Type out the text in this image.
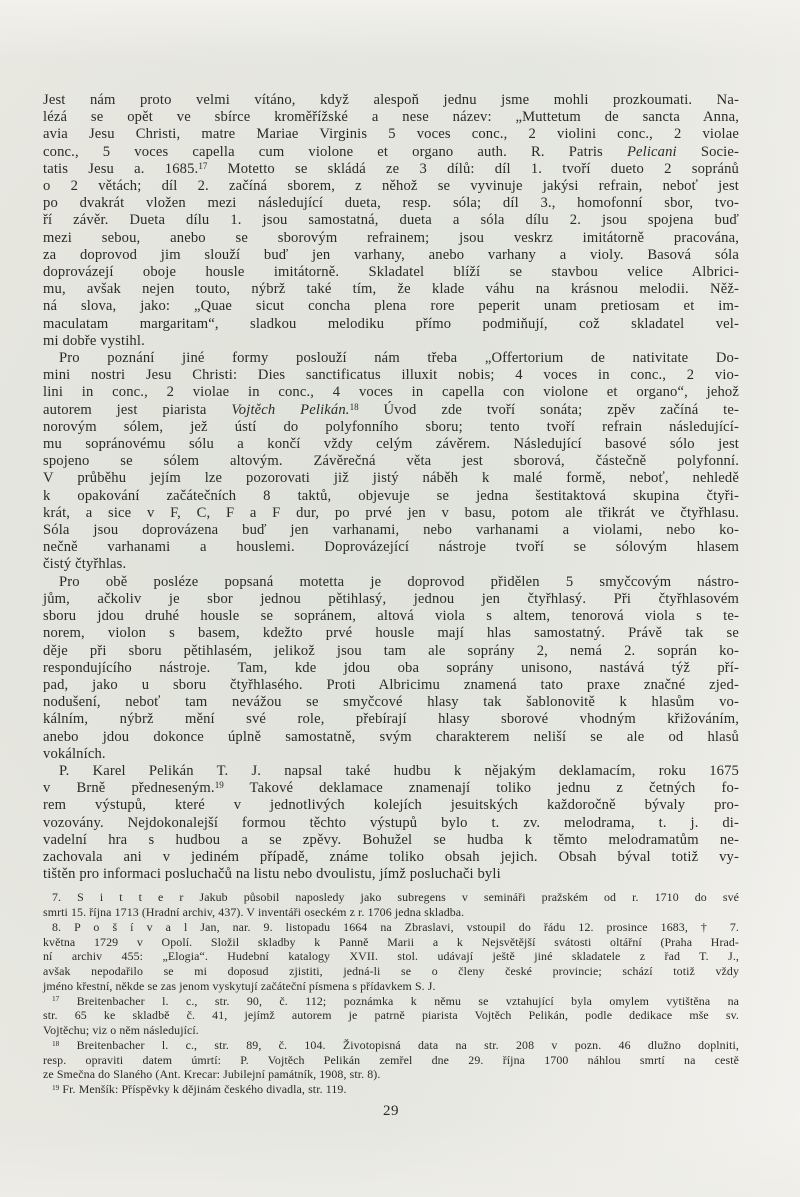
Jest nám proto velmi vítáno, když alespoň jednu jsme mohli prozkoumati. Na-
lézá se opět ve sbírce kroměřížské a nese název: „Muttetum de sancta Anna,
avia Jesu Christi, matre Mariae Virginis 5 voces conc., 2 violini conc., 2 violae
conc., 5 voces capella cum violone et organo auth. R. Patris Pelicani Socie-
tatis Jesu a. 1685.17 Motetto se skládá ze 3 dílů: díl 1. tvoří dueto 2 sopránů
o 2 větách; díl 2. začíná sborem, z něhož se vyvinuje jakýsi refrain, neboť jest
po dvakrát vložen mezi následující dueta, resp. sóla; díl 3., homofonní sbor, tvo-
ří závěr. Dueta dílu 1. jsou samostatná, dueta a sóla dílu 2. jsou spojena buď
mezi sebou, anebo se sborovým refrainem; jsou veskrz imitátorně pracována,
za doprovod jim slouží buď jen varhany, anebo varhany a violy. Basová sóla
doprovázejí oboje housle imitátorně. Skladatel blíží se stavbou velice Albrici-
mu, avšak nejen touto, nýbrž také tím, že klade váhu na krásnou melodii. Něž-
ná slova, jako: „Quae sicut concha plena rore peperit unam pretiosam et im-
maculatam margaritam“, sladkou melodiku přímo podmiňují, což skladatel vel-
mi dobře vystihl.
Pro poznání jiné formy poslouží nám třeba „Offertorium de nativitate Do-
mini nostri Jesu Christi: Dies sanctificatus illuxit nobis; 4 voces in conc., 2 vio-
lini in conc., 2 violae in conc., 4 voces in capella con violone et organo“, jehož
autorem jest piarista Vojtěch Pelikán.$^{18}$ Úvod zde tvoří sonáta; zpěv začíná te-
norovým sólem, jež ústí do polyfonního sboru; tento tvoří refrain následující-
mu sopránovému sólu a končí vždy celým závěrem. Následující basové sólo jest
spojeno se sólem altovým. Závěrečná věta jest sborová, částečně polyfonní.
V průběhu jejím lze pozorovati již jistý náběh k malé formě, neboť, nehledě
k opakování začátečních 8 taktů, objevuje se jedna šestitaktová skupina čtyři-
krát, a sice v F, C, F a F dur, po prvé jen v basu, potom ale třikrát ve čtyřhlasu.
Sóla jsou doprovázena buď jen varhanami, nebo varhanami a violami, nebo ko-
nečně varhanami a houslemi. Doprovázející nástroje tvoří se sólovým hlasem
čistý čtyřhlas.
Pro obě posléze popsaná motetta je doprovod přidělen 5 smyčcovým nástro-
jům, ačkoliv je sbor jednou pětihlasý, jednou jen čtyřhlasý. Při čtyřhlasovém
sboru jdou druhé housle se sopránem, altová viola s altem, tenorová viola s te-
norem, violon s basem, kdežto prvé housle mají hlas samostatný. Právě tak se
děje při sboru pětihlasém, jelikož jsou tam ale soprány 2, nemá 2. soprán ko-
respondujícího nástroje. Tam, kde jdou oba soprány unisono, nastává týž pří-
pad, jako u sboru čtyřhlasého. Proti Albricimu znamená tato praxe značné zjed-
nodušení, neboť tam nevážou se smyčcové hlasy tak šablonovitě k hlasům vo-
kálním, nýbrž mění své role, přebírají hlasy sborové vhodným křižováním,
anebo jdou dokonce úplně samostatně, svým charakterem neliší se ale od hlasů
vokálních.
P. Karel Pelikán T. J. napsal také hudbu k nějakým deklamacím, roku 1675
v Brně předneseným.$^{19}$ Takové deklamace znamenají toliko jednu z četných fo-
rem výstupů, které v jednotlivých kolejích jesuitských každoročně bývaly pro-
vozovány. Nejdokonalejší formou těchto výstupů bylo t. zv. melodrama, t. j. di-
vadelní hra s hudbou a se zpěvy. Bohužel se hudba k těmto melodramatům ne-
zachovala ani v jediném případě, známe toliko obsah jejich. Obsah býval totiž vy-
tištěn pro informaci posluchačů na listu nebo dvoulistu, jímž posluchači byli
7. S i t t e r Jakub působil naposledy jako subregens v semináři pražském od r. 1710 do své
smrti 15. října 1713 (Hradní archiv, 437). V inventáři oseckém z r. 1706 jedna skladba.
8. P o š í v a l Jan, nar. 9. listopadu 1664 na Zbraslavi, vstoupil do řádu 12. prosince 1683, † 7.
května 1729 v Opolí. Složil skladby k Panně Marii a k Nejsvětější svátosti oltářní (Praha Hrad-
ní archiv 455: „Elogia“. Hudební katalogy XVII. stol. udávají ještě jiné skladatele z řad T. J.,
avšak nepodařilo se mi doposud zjistiti, jedná-li se o členy české provincie; schází totiž vždy
jméno křestní, někde se zas jenom vyskytují začáteční písmena s přídavkem S. J.
$^{17}$ Breitenbacher l. c., str. 90, č. 112; poznámka k němu se vztahující byla omylem vytištěna na
str. 65 ke skladbě č. 41, jejímž autorem je patrně piarista Vojtěch Pelikán, podle dedikace mše sv.
Vojtěchu; viz o něm následující.
$^{18}$ Breitenbacher l. c., str. 89, č. 104. Životopisná data na str. 208 v pozn. 46 dlužno doplniti,
resp. opraviti datem úmrtí: P. Vojtěch Pelikán zemřel dne 29. října 1700 náhlou smrtí na cestě
ze Smečna do Slaného (Ant. Krecar: Jubilejní památník, 1908, str. 8).
$^{19}$ Fr. Menšík: Příspěvky k dějinám českého divadla, str. 119.
29
